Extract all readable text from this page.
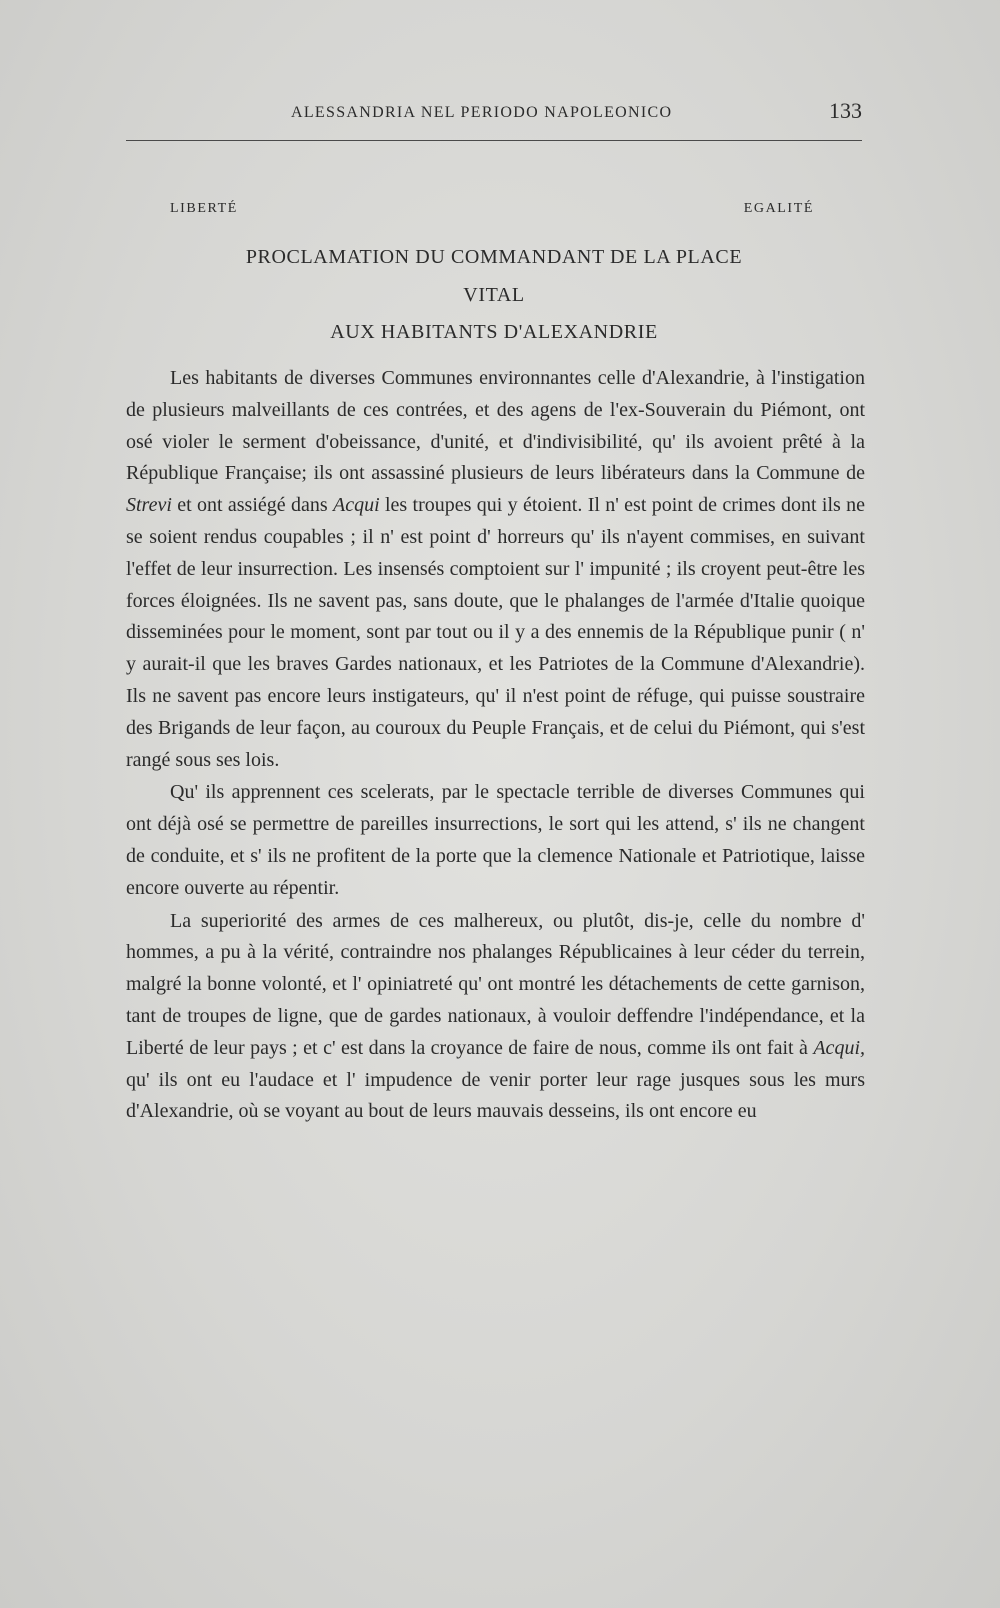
ALESSANDRIA NEL PERIODO NAPOLEONICO	133
LIBERTÉ	EGALITÉ
PROCLAMATION DU COMMANDANT DE LA PLACE
VITAL
AUX HABITANTS D'ALEXANDRIE

Les habitants de diverses Communes environnantes celle d'Alexandrie, à l'instigation de plusieurs malveillants de ces contrées, et des agens de l'ex-Souverain du Piémont, ont osé violer le serment d'obeissance, d'unité, et d'indivisibilité, qu' ils avoient prêté à la République Française; ils ont assassiné plusieurs de leurs libérateurs dans la Commune de Strevi et ont assiégé dans Acqui les troupes qui y étoient. Il n' est point de crimes dont ils ne se soient rendus coupables ; il n' est point d' horreurs qu' ils n'ayent commises, en suivant l'effet de leur insurrection. Les insensés comptoient sur l' impunité ; ils croyent peut-être les forces éloignées. Ils ne savent pas, sans doute, que le phalanges de l'armée d'Italie quoique disseminées pour le moment, sont par tout ou il y a des ennemis de la République punir ( n' y aurait-il que les braves Gardes nationaux, et les Patriotes de la Commune d'Alexandrie). Ils ne savent pas encore leurs instigateurs, qu' il n'est point de réfuge, qui puisse soustraire des Brigands de leur façon, au couroux du Peuple Français, et de celui du Piémont, qui s'est rangé sous ses lois.

Qu' ils apprennent ces scelerats, par le spectacle terrible de diverses Communes qui ont déjà osé se permettre de pareilles insurrections, le sort qui les attend, s' ils ne changent de conduite, et s' ils ne profitent de la porte que la clemence Nationale et Patriotique, laisse encore ouverte au répentir.

La superiorité des armes de ces malhereux, ou plutôt, dis-je, celle du nombre d' hommes, a pu à la vérité, contraindre nos phalanges Républicaines à leur céder du terrein, malgré la bonne volonté, et l' opiniatreté qu' ont montré les détachements de cette garnison, tant de troupes de ligne, que de gardes nationaux, à vouloir deffendre l'indépendance, et la Liberté de leur pays ; et c' est dans la croyance de faire de nous, comme ils ont fait à Acqui, qu' ils ont eu l'audace et l' impudence de venir porter leur rage jusques sous les murs d'Alexandrie, où se voyant au bout de leurs mauvais desseins, ils ont encore eu
